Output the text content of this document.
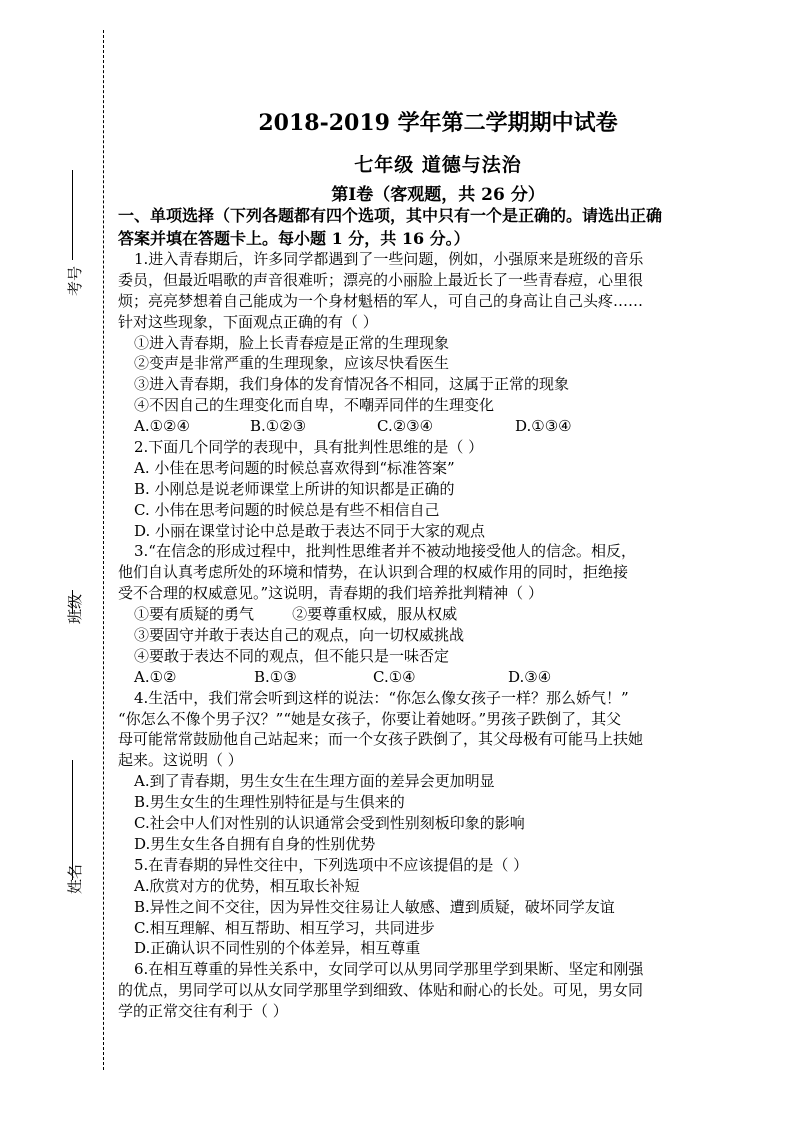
考号
班级
姓名
2018-2019 学年第二学期期中试卷
七年级 道德与法治
第Ⅰ卷（客观题，共 26 分）
一、单项选择（下列各题都有四个选项，其中只有一个是正确的。请选出正确
答案并填在答题卡上。每小题 1 分，共 16 分。）
1.进入青春期后，许多同学都遇到了一些问题，例如，小强原来是班级的音乐
委员，但最近唱歌的声音很难听；漂亮的小丽脸上最近长了一些青春痘，心里很
烦；亮亮梦想着自己能成为一个身材魁梧的军人，可自己的身高让自己头疼……
针对这些现象，下面观点正确的有（ ）
①进入青春期，脸上长青春痘是正常的生理现象
②变声是非常严重的生理现象，应该尽快看医生
③进入青春期，我们身体的发育情况各不相同，这属于正常的现象
④不因自己的生理变化而自卑，不嘲弄同伴的生理变化
A.①②④	B.①②③	C.②③④	D.①③④
2.下面几个同学的表现中，具有批判性思维的是（ ）
A. 小佳在思考问题的时候总喜欢得到“标准答案”
B. 小刚总是说老师课堂上所讲的知识都是正确的
C. 小伟在思考问题的时候总是有些不相信自己
D. 小丽在课堂讨论中总是敢于表达不同于大家的观点
3.“在信念的形成过程中，批判性思维者并不被动地接受他人的信念。相反，
他们自认真考虑所处的环境和情势，在认识到合理的权威作用的同时，拒绝接
受不合理的权威意见。”这说明，青春期的我们培养批判精神（ ）
①要有质疑的勇气        ②要尊重权威，服从权威
③要固守并敢于表达自己的观点，向一切权威挑战
④要敢于表达不同的观点，但不能只是一味否定
A.①②	B.①③	C.①④	D.③④
4.生活中，我们常会听到这样的说法：“你怎么像女孩子一样？那么娇气！”
“你怎么不像个男子汉？”“她是女孩子，你要让着她呀。”男孩子跌倒了，其父
母可能常常鼓励他自己站起来；而一个女孩子跌倒了，其父母极有可能马上扶她
起来。这说明（ ）
A.到了青春期，男生女生在生理方面的差异会更加明显
B.男生女生的生理性别特征是与生俱来的
C.社会中人们对性别的认识通常会受到性别刻板印象的影响
D.男生女生各自拥有自身的性别优势
5.在青春期的异性交往中，下列选项中不应该提倡的是（ ）
A.欣赏对方的优势，相互取长补短
B.异性之间不交往，因为异性交往易让人敏感、遭到质疑，破坏同学友谊
C.相互理解、相互帮助、相互学习，共同进步
D.正确认识不同性别的个体差异，相互尊重
6.在相互尊重的异性关系中，女同学可以从男同学那里学到果断、坚定和刚强
的优点，男同学可以从女同学那里学到细致、体贴和耐心的长处。可见，男女同
学的正常交往有利于（ ）
